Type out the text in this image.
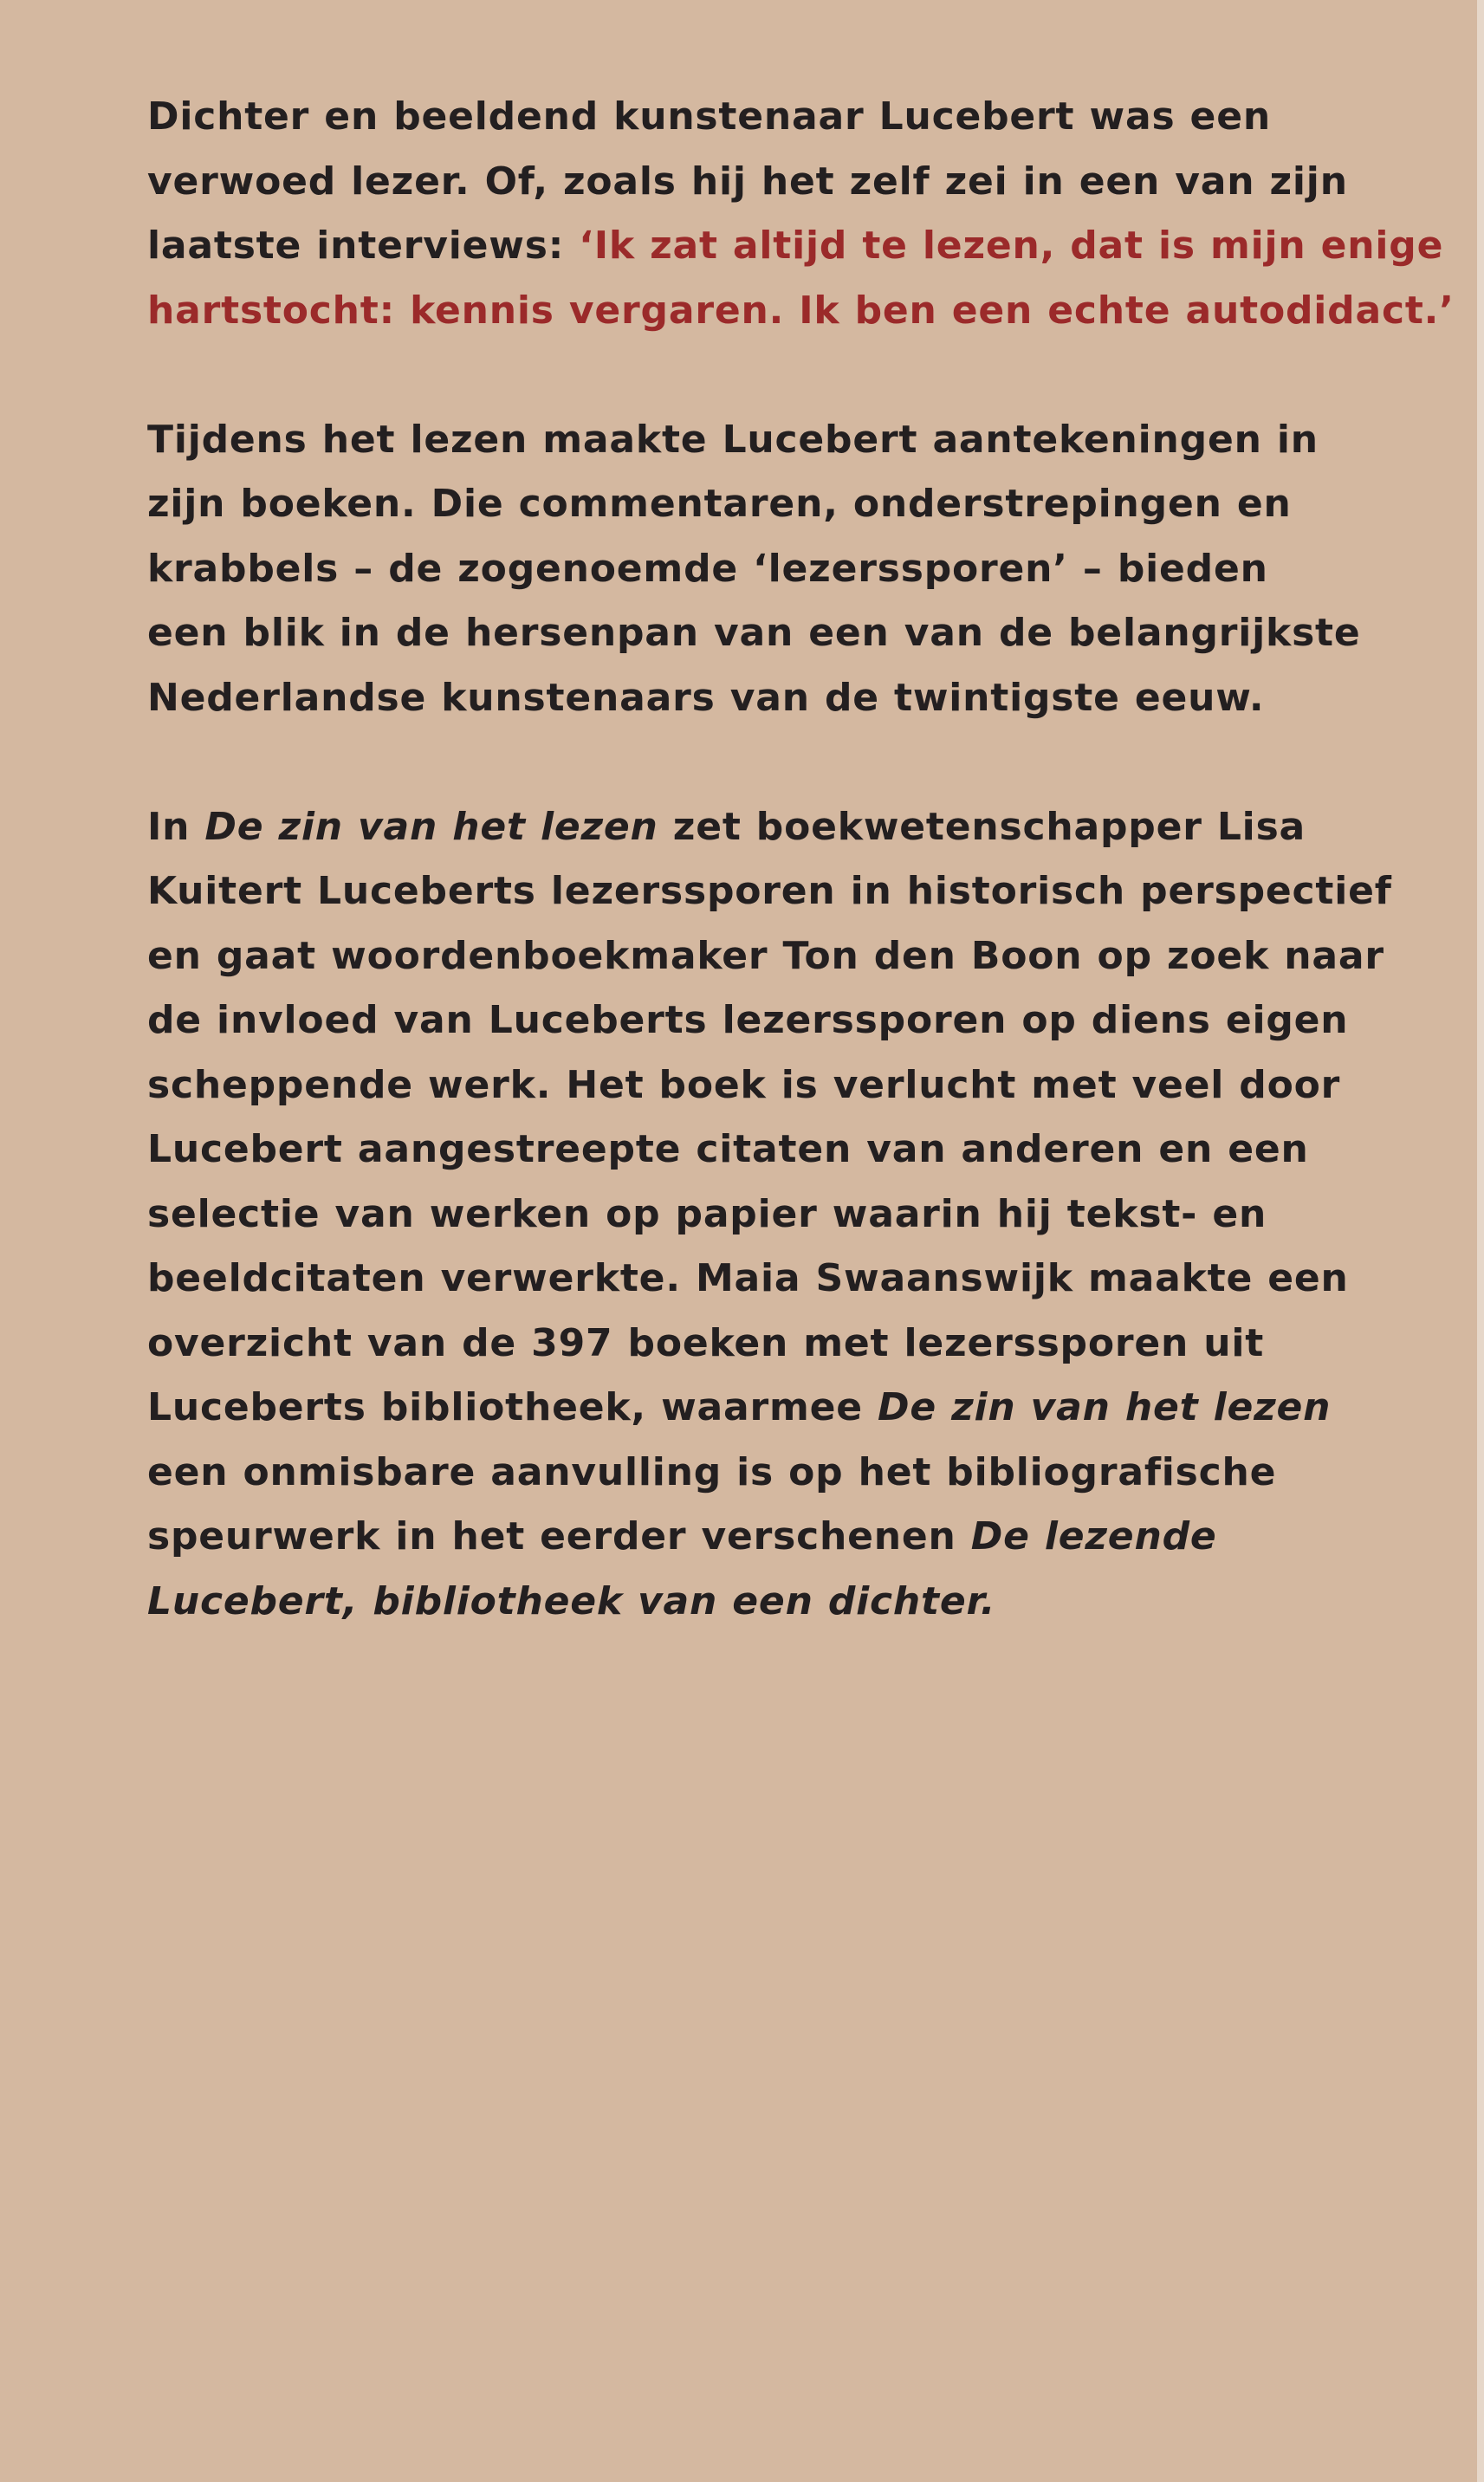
Dichter en beeldend kunstenaar Lucebert was een
verwoed lezer. Of, zoals hij het zelf zei in een van zijn
laatste interviews: ‘Ik zat altijd te lezen, dat is mijn enige
hartstocht: kennis vergaren. Ik ben een echte autodidact.’

Tijdens het lezen maakte Lucebert aantekeningen in
zijn boeken. Die commentaren, onderstrepingen en
krabbels – de zogenoemde ‘lezerssporen’ – bieden
een blik in de hersenpan van een van de belangrijkste
Nederlandse kunstenaars van de twintigste eeuw.

In De zin van het lezen zet boekwetenschapper Lisa
Kuitert Luceberts lezerssporen in historisch perspectief
en gaat woordenboekmaker Ton den Boon op zoek naar
de invloed van Luceberts lezerssporen op diens eigen
scheppende werk. Het boek is verlucht met veel door
Lucebert aangestreepte citaten van anderen en een
selectie van werken op papier waarin hij tekst- en
beeldcitaten verwerkte. Maia Swaanswijk maakte een
overzicht van de 397 boeken met lezerssporen uit
Luceberts bibliotheek, waarmee De zin van het lezen
een onmisbare aanvulling is op het bibliografische
speurwerk in het eerder verschenen De lezende
Lucebert, bibliotheek van een dichter.
